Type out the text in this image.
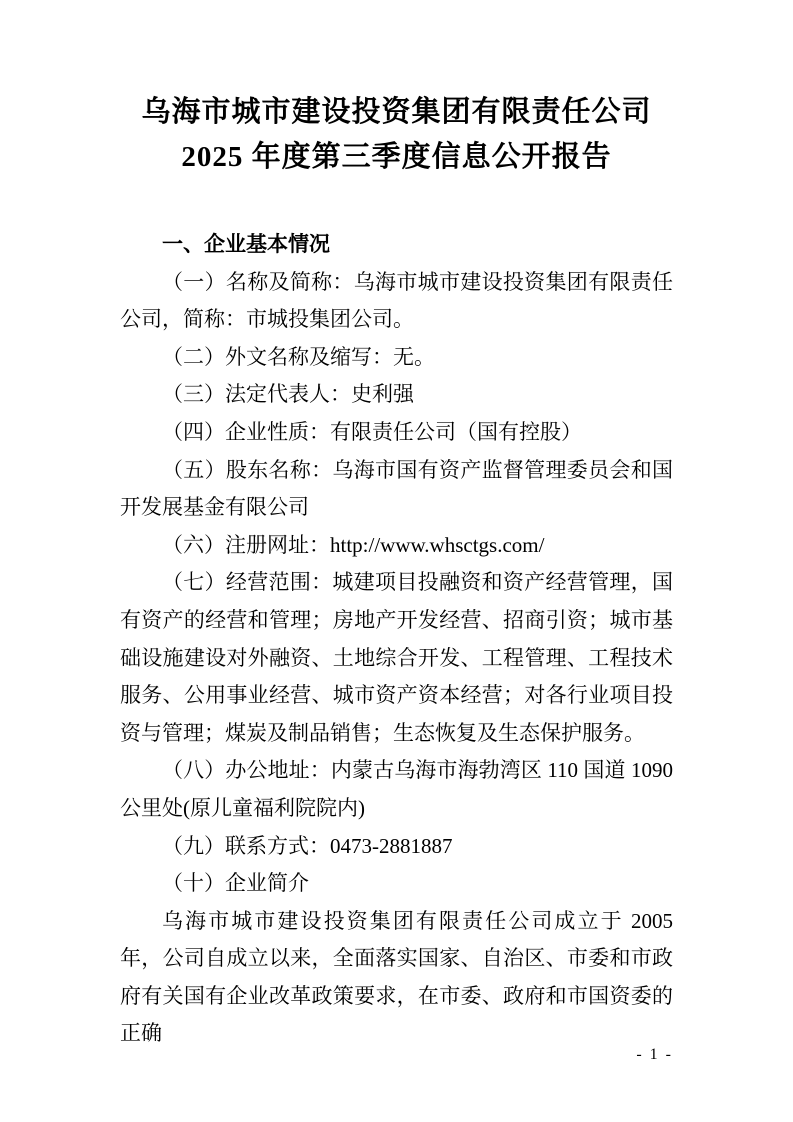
乌海市城市建设投资集团有限责任公司
2025 年度第三季度信息公开报告

一、企业基本情况

（一）名称及简称：乌海市城市建设投资集团有限责任公司，简称：市城投集团公司。

（二）外文名称及缩写：无。

（三）法定代表人：史利强

（四）企业性质：有限责任公司（国有控股）

（五）股东名称：乌海市国有资产监督管理委员会和国开发展基金有限公司

（六）注册网址：http://www.whsctgs.com/

（七）经营范围：城建项目投融资和资产经营管理，国有资产的经营和管理；房地产开发经营、招商引资；城市基础设施建设对外融资、土地综合开发、工程管理、工程技术服务、公用事业经营、城市资产资本经营；对各行业项目投资与管理；煤炭及制品销售；生态恢复及生态保护服务。

（八）办公地址：内蒙古乌海市海勃湾区 110 国道 1090 公里处(原儿童福利院院内)

（九）联系方式：0473-2881887

（十）企业简介

乌海市城市建设投资集团有限责任公司成立于 2005 年，公司自成立以来，全面落实国家、自治区、市委和市政府有关国有企业改革政策要求，在市委、政府和市国资委的正确

- 1 -
